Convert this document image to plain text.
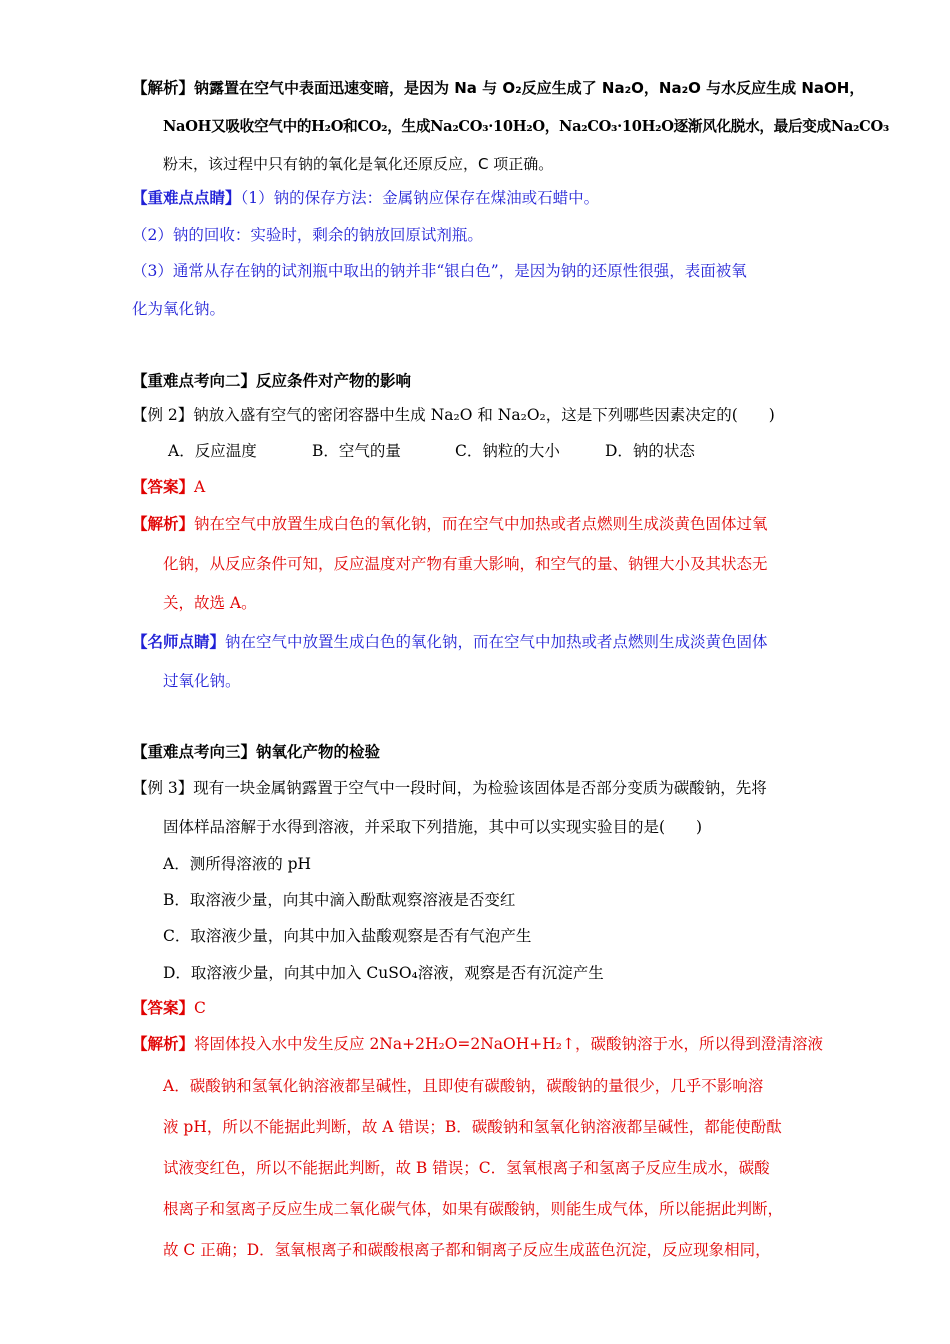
【解析】钠露置在空气中表面迅速变暗，是因为 Na 与 O₂反应生成了 Na₂O，Na₂O 与水反应生成 NaOH，
NaOH又吸收空气中的H₂O和CO₂，生成Na₂CO₃·10H₂O，Na₂CO₃·10H₂O逐渐风化脱水，最后变成Na₂CO₃
粉末，该过程中只有钠的氧化是氧化还原反应，C 项正确。
【重难点点睛】（1）钠的保存方法：金属钠应保存在煤油或石蜡中。
（2）钠的回收：实验时，剩余的钠放回原试剂瓶。
（3）通常从存在钠的试剂瓶中取出的钠并非“银白色”，是因为钠的还原性很强，表面被氧
化为氧化钠。
【重难点考向二】反应条件对产物的影响
【例 2】钠放入盛有空气的密闭容器中生成 Na₂O 和 Na₂O₂，这是下列哪些因素决定的(　　)
A．反应温度	B．空气的量	C．钠粒的大小	D．钠的状态
【答案】A
【解析】钠在空气中放置生成白色的氧化钠，而在空气中加热或者点燃则生成淡黄色固体过氧
化钠，从反应条件可知，反应温度对产物有重大影响，和空气的量、钠锂大小及其状态无
关，故选 A。
【名师点睛】钠在空气中放置生成白色的氧化钠，而在空气中加热或者点燃则生成淡黄色固体
过氧化钠。
【重难点考向三】钠氧化产物的检验
【例 3】现有一块金属钠露置于空气中一段时间，为检验该固体是否部分变质为碳酸钠，先将
固体样品溶解于水得到溶液，并采取下列措施，其中可以实现实验目的是(　　)
A．测所得溶液的 pH
B．取溶液少量，向其中滴入酚酞观察溶液是否变红
C．取溶液少量，向其中加入盐酸观察是否有气泡产生
D．取溶液少量，向其中加入 CuSO₄溶液，观察是否有沉淀产生
【答案】C
【解析】将固体投入水中发生反应 2Na+2H₂O=2NaOH+H₂↑，碳酸钠溶于水，所以得到澄清溶液
A．碳酸钠和氢氧化钠溶液都呈碱性，且即使有碳酸钠，碳酸钠的量很少，几乎不影响溶
液 pH，所以不能据此判断，故 A 错误；B．碳酸钠和氢氧化钠溶液都呈碱性，都能使酚酞
试液变红色，所以不能据此判断，故 B 错误；C．氢氧根离子和氢离子反应生成水，碳酸
根离子和氢离子反应生成二氧化碳气体，如果有碳酸钠，则能生成气体，所以能据此判断，
故 C 正确；D．氢氧根离子和碳酸根离子都和铜离子反应生成蓝色沉淀，反应现象相同，
